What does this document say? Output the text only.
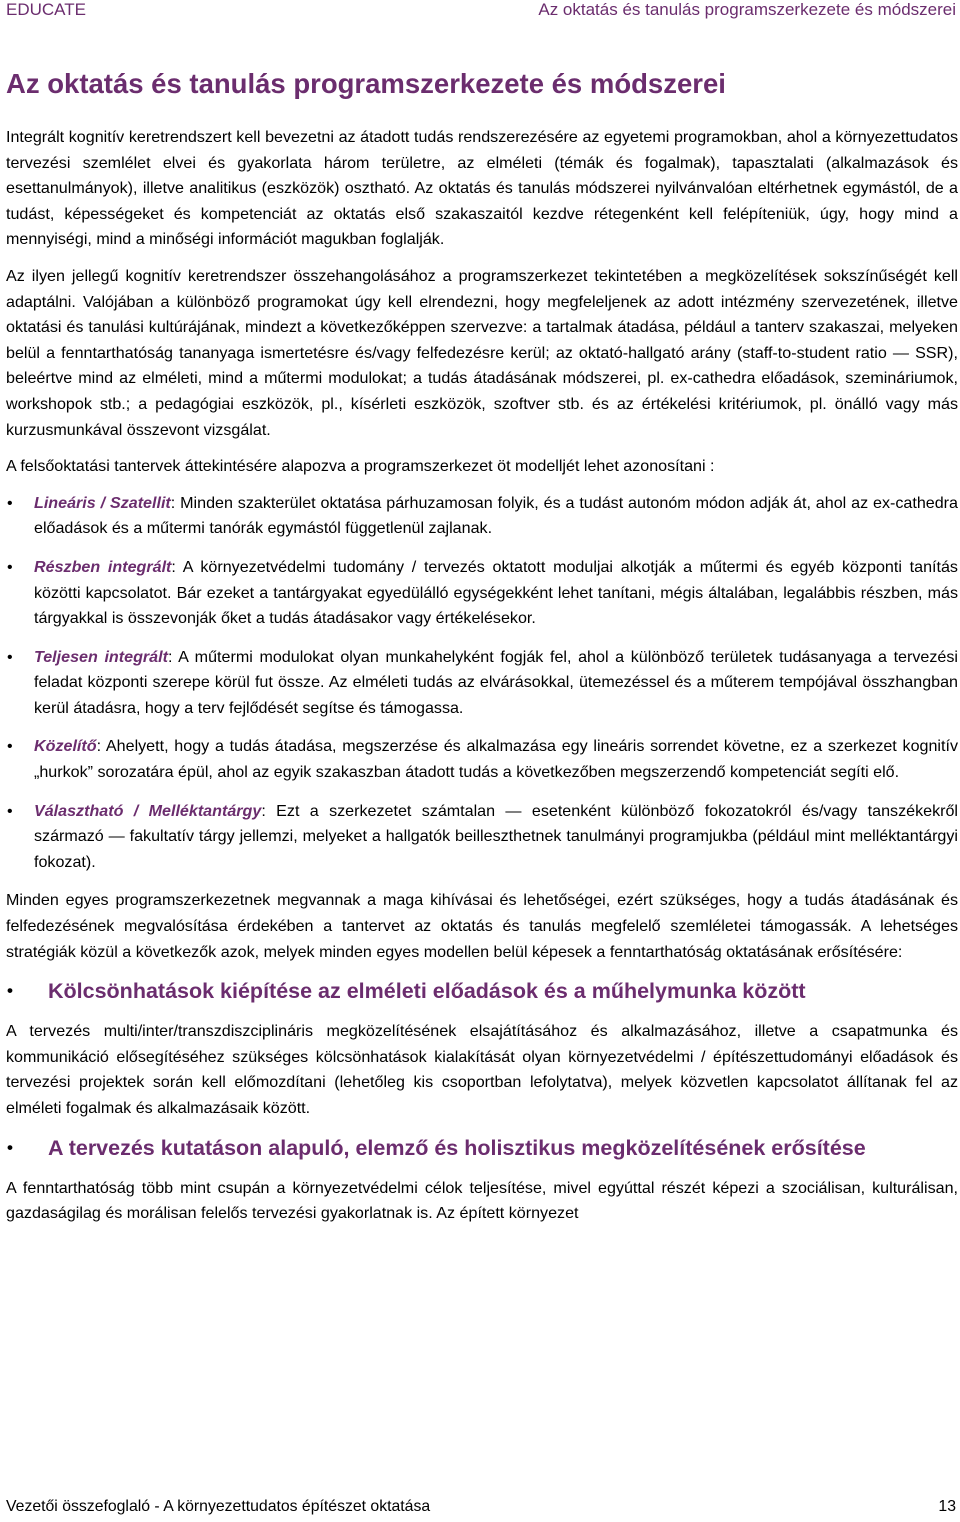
EDUCATE	Az oktatás és tanulás programszerkezete és módszerei
Az oktatás és tanulás programszerkezete és módszerei

Integrált kognitív keretrendszert kell bevezetni az átadott tudás rendszerezésére az egyetemi programokban, ahol a környezettudatos tervezési szemlélet elvei és gyakorlata három területre, az elméleti (témák és fogalmak), tapasztalati (alkalmazások és esettanulmányok), illetve analitikus (eszközök) osztható. Az oktatás és tanulás módszerei nyilvánvalóan eltérhetnek egymástól, de a tudást, képességeket és kompetenciát az oktatás első szakaszaitól kezdve rétegenként kell felépíteniük, úgy, hogy mind a mennyiségi, mind a minőségi információt magukban foglalják.

Az ilyen jellegű kognitív keretrendszer összehangolásához a programszerkezet tekintetében a megközelítések sokszínűségét kell adaptálni. Valójában a különböző programokat úgy kell elrendezni, hogy megfeleljenek az adott intézmény szervezetének, illetve oktatási és tanulási kultúrájának, mindezt a következőképpen szervezve: a tartalmak átadása, például a tanterv szakaszai, melyeken belül a fenntarthatóság tananyaga ismertetésre és/vagy felfedezésre kerül; az oktató-hallgató arány (staff-to-student ratio — SSR), beleértve mind az elméleti, mind a műtermi modulokat; a tudás átadásának módszerei, pl. ex-cathedra előadások, szemináriumok, workshopok stb.; a pedagógiai eszközök, pl., kísérleti eszközök, szoftver stb. és az értékelési kritériumok, pl. önálló vagy más kurzusmunkával összevont vizsgálat.

A felsőoktatási tantervek áttekintésére alapozva a programszerkezet öt modelljét lehet azonosítani :

• Lineáris / Szatellit: Minden szakterület oktatása párhuzamosan folyik, és a tudást autonóm módon adják át, ahol az ex-cathedra előadások és a műtermi tanórák egymástól függetlenül zajlanak.

• Részben integrált: A környezetvédelmi tudomány / tervezés oktatott moduljai alkotják a műtermi és egyéb központi tanítás közötti kapcsolatot. Bár ezeket a tantárgyakat egyedülálló egységekként lehet tanítani, mégis általában, legalábbis részben, más tárgyakkal is összevonják őket a tudás átadásakor vagy értékelésekor.

• Teljesen integrált: A műtermi modulokat olyan munkahelyként fogják fel, ahol a különböző területek tudásanyaga a tervezési feladat központi szerepe körül fut össze. Az elméleti tudás az elvárásokkal, ütemezéssel és a műterem tempójával összhangban kerül átadásra, hogy a terv fejlődését segítse és támogassa.

• Közelítő: Ahelyett, hogy a tudás átadása, megszerzése és alkalmazása egy lineáris sorrendet követne, ez a szerkezet kognitív „hurkok” sorozatára épül, ahol az egyik szakaszban átadott tudás a következőben megszerzendő kompetenciát segíti elő.

• Választható / Melléktantárgy: Ezt a szerkezetet számtalan — esetenként különböző fokozatokról és/vagy tanszékekről származó — fakultatív tárgy jellemzi, melyeket a hallgatók beilleszthetnek tanulmányi programjukba (például mint melléktantárgyi fokozat).

Minden egyes programszerkezetnek megvannak a maga kihívásai és lehetőségei, ezért szükséges, hogy a tudás átadásának és felfedezésének megvalósítása érdekében a tantervet az oktatás és tanulás megfelelő szemléletei támogassák. A lehetséges stratégiák közül a következők azok, melyek minden egyes modellen belül képesek a fenntarthatóság oktatásának erősítésére:

• Kölcsönhatások kiépítése az elméleti előadások és a műhelymunka között

A tervezés multi/inter/transzdiszciplináris megközelítésének elsajátításához és alkalmazásához, illetve a csapatmunka és kommunikáció elősegítéséhez szükséges kölcsönhatások kialakítását olyan környezetvédelmi / építészettudományi előadások és tervezési projektek során kell előmozdítani (lehetőleg kis csoportban lefolytatva), melyek közvetlen kapcsolatot állítanak fel az elméleti fogalmak és alkalmazásaik között.

• A tervezés kutatáson alapuló, elemző és holisztikus megközelítésének erősítése

A fenntarthatóság több mint csupán a környezetvédelmi célok teljesítése, mivel egyúttal részét képezi a szociálisan, kulturálisan, gazdaságilag és morálisan felelős tervezési gyakorlatnak is. Az épített környezet

Vezetői összefoglaló - A környezettudatos építészet oktatása	13
